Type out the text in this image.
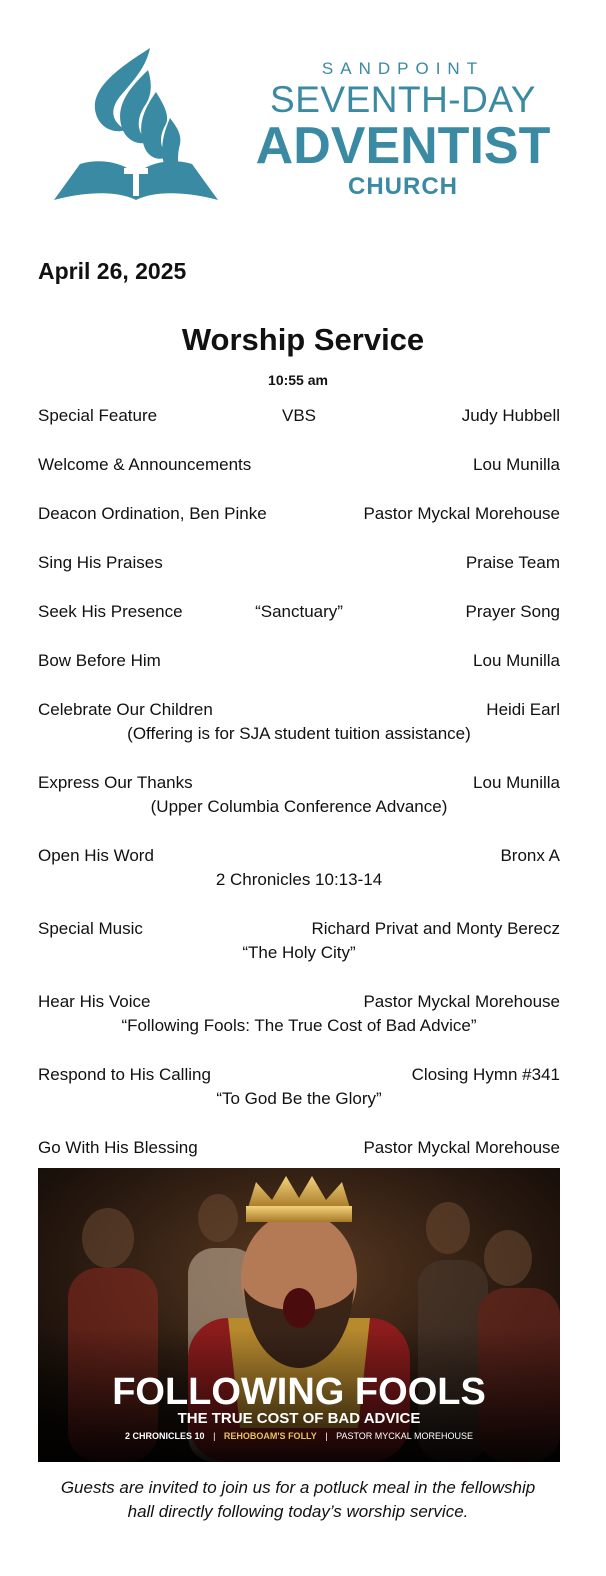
SANDPOINT
SEVENTH-DAY
ADVENTIST
CHURCH
April 26, 2025
Worship Service
10:55 am
Special Feature	VBS	Judy Hubbell
Welcome & Announcements	Lou Munilla
Deacon Ordination, Ben Pinke	Pastor Myckal Morehouse
Sing His Praises	Praise Team
Seek His Presence	“Sanctuary”	Prayer Song
Bow Before Him	Lou Munilla
Celebrate Our Children	Heidi Earl
(Offering is for SJA student tuition assistance)
Express Our Thanks	Lou Munilla
(Upper Columbia Conference Advance)
Open His Word	Bronx A
2 Chronicles 10:13-14
Special Music	Richard Privat and Monty Berecz
“The Holy City”
Hear His Voice	Pastor Myckal Morehouse
“Following Fools: The True Cost of Bad Advice”
Respond to His Calling	Closing Hymn #341
“To God Be the Glory”
Go With His Blessing	Pastor Myckal Morehouse
FOLLOWING FOOLS
THE TRUE COST OF BAD ADVICE
2 CHRONICLES 10 | REHOBOAM'S FOLLY | PASTOR MYCKAL MOREHOUSE
Guests are invited to join us for a potluck meal in the fellowship
hall directly following today’s worship service.
